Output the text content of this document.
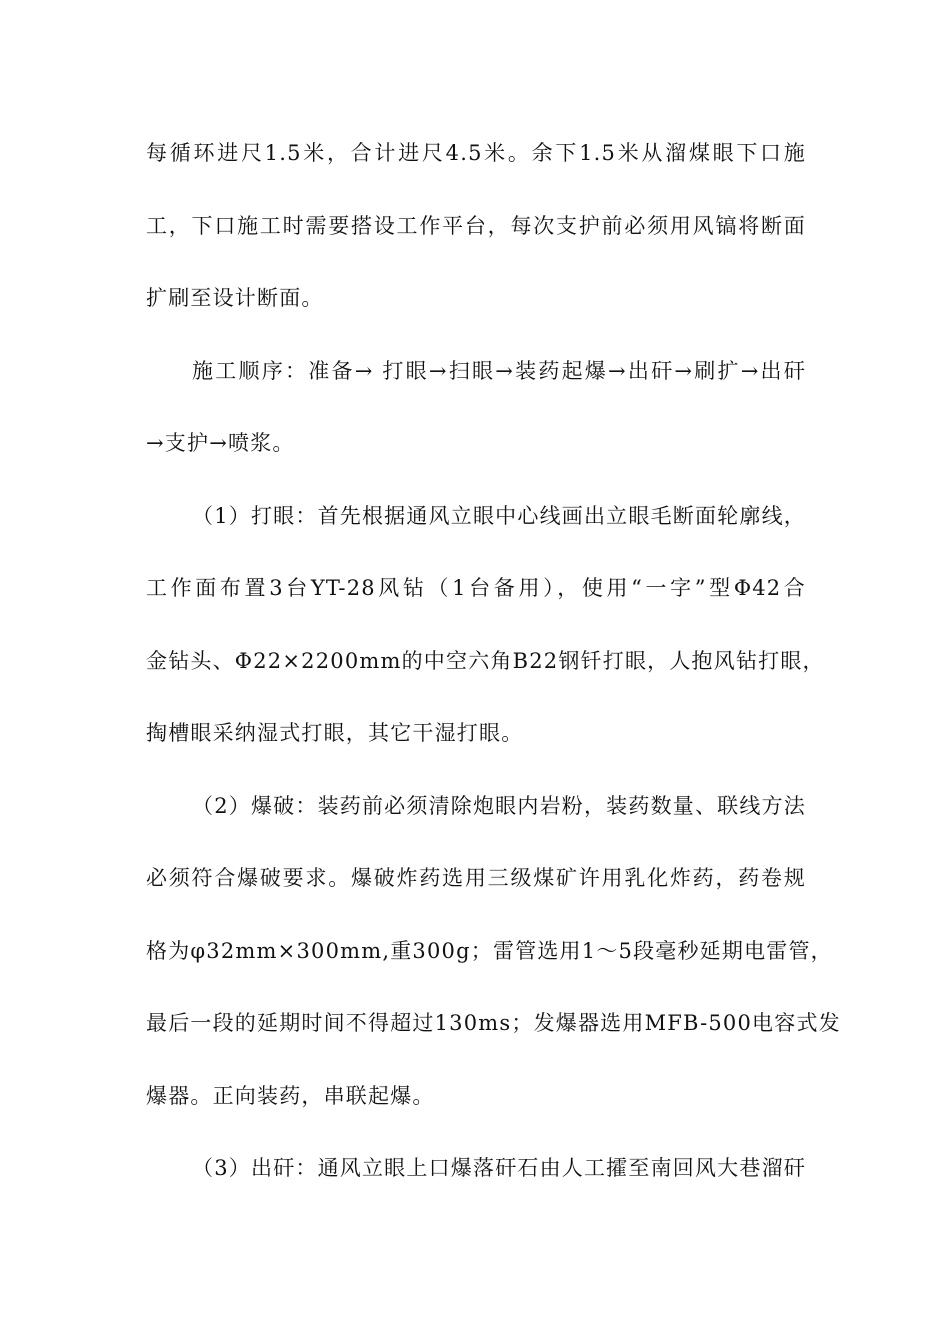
每循环进尺1.5米，合计进尺4.5米。余下1.5米从溜煤眼下口施
工，下口施工时需要搭设工作平台，每次支护前必须用风镐将断面
扩刷至设计断面。
施工顺序：准备→ 打眼→扫眼→装药起爆→出矸→刷扩→出矸
→支护→喷浆。
（1）打眼：首先根据通风立眼中心线画出立眼毛断面轮廓线，
工作面布置3台YT-28风钻（1台备用），使用“一字”型Φ42合
金钻头、Φ22×2200mm的中空六角B22钢钎打眼，人抱风钻打眼，
掏槽眼采纳湿式打眼，其它干湿打眼。
（2）爆破：装药前必须清除炮眼内岩粉，装药数量、联线方法
必须符合爆破要求。爆破炸药选用三级煤矿许用乳化炸药，药卷规
格为φ32mm×300mm,重300g；雷管选用1～5段毫秒延期电雷管，
最后一段的延期时间不得超过130ms；发爆器选用MFB-500电容式发
爆器。正向装药，串联起爆。
（3）出矸：通风立眼上口爆落矸石由人工攉至南回风大巷溜矸
